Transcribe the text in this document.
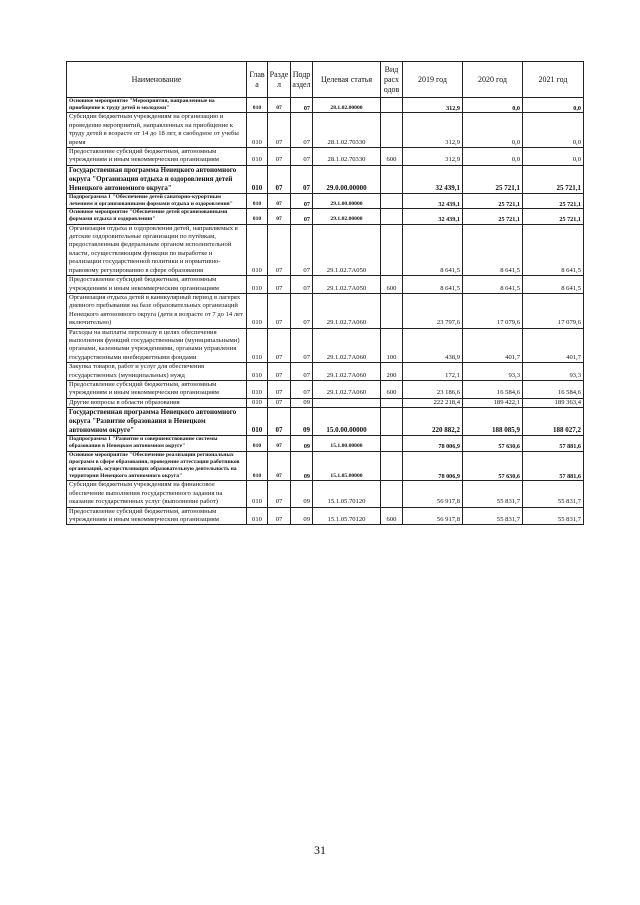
Наименование	Глав а	Разде л	Подр аздел	Целевая статья	Вид расх одов	2019 год	2020 год	2021 год
Основное мероприятие "Мероприятия, направленные на приобщение к труду детей и молодежи"	010	07	07	28.1.02.00000		312,9	0,0	0,0
Субсидии бюджетным учреждениям на организацию и проведение мероприятий, направленных на приобщение к труду детей в возрасте от 14 до 18 лет, в свободное от учебы время	010	07	07	28.1.02.70330		312,9	0,0	0,0
Предоставление субсидий бюджетным, автономным учреждениям и иным некоммерческим организациям	010	07	07	28.1.02.70330	600	312,9	0,0	0,0
Государственная программа Ненецкого автономного округа "Организация отдыха и оздоровления детей Ненецкого автономного округа"	010	07	07	29.0.00.00000		32 439,1	25 721,1	25 721,1
Подпрограмма 1 "Обеспечение детей санаторно-курортным лечением и организованными формами отдыха и оздоровления"	010	07	07	29.1.00.00000		32 439,1	25 721,1	25 721,1
Основное мероприятие "Обеспечение детей организованными формами отдыха и оздоровления"	010	07	07	29.1.02.00000		32 439,1	25 721,1	25 721,1
Организация отдыха и оздоровления детей, направляемых в детские оздоровительные организации по путёвкам, предоставленным федеральным органом исполнительной власти, осуществляющим функции по выработке и реализации государственной политики и нормативно-правовому регулированию в сфере образования	010	07	07	29.1.02.7А050		8 641,5	8 641,5	8 641,5
Предоставление субсидий бюджетным, автономным учреждениям и иным некоммерческим организациям	010	07	07	29.1.02.7А050	600	8 641,5	8 641,5	8 641,5
Организация отдыха детей в каникулярный период в лагерях дневного пребывания на базе образовательных организаций Ненецкого автономного округа (дети в возрасте от 7 до 14 лет включительно)	010	07	07	29.1.02.7А060		23 797,6	17 079,6	17 079,6
Расходы на выплаты персоналу в целях обеспечения выполнения функций государственными (муниципальными) органами, казенными учреждениями, органами управления государственными внебюджетными фондами	010	07	07	29.1.02.7А060	100	438,9	401,7	401,7
Закупка товаров, работ и услуг для обеспечения государственных (муниципальных) нужд	010	07	07	29.1.02.7А060	200	172,1	93,3	93,3
Предоставление субсидий бюджетным, автономным учреждениям и иным некоммерческим организациям	010	07	07	29.1.02.7А060	600	23 186,6	16 584,6	16 584,6
Другие вопросы в области образования	010	07	09			222 218,4	189 422,1	189 363,4
Государственная программа Ненецкого автономного округа "Развитие образования в Ненецком автономном округе"	010	07	09	15.0.00.00000		220 882,2	188 085,9	188 027,2
Подпрограмма 1 "Развитие и совершенствование системы образования в Ненецком автономном округе"	010	07	09	15.1.00.00000		78 006,9	57 630,6	57 881,6
Основное мероприятие "Обеспечение реализации региональных программ в сфере образования, проведение аттестации работников организаций, осуществляющих образовательную деятельность на территории Ненецкого автономного округа"	010	07	09	15.1.05.00000		78 006,9	57 630,6	57 881,6
Субсидии бюджетным учреждениям на финансовое обеспечение выполнения государственного задания на оказание государственных услуг (выполнение работ)	010	07	09	15.1.05.70120		56 917,8	55 831,7	55 831,7
Предоставление субсидий бюджетным, автономным учреждениям и иным некоммерческим организациям	010	07	09	15.1.05.70120	600	56 917,8	55 831,7	55 831,7
31
